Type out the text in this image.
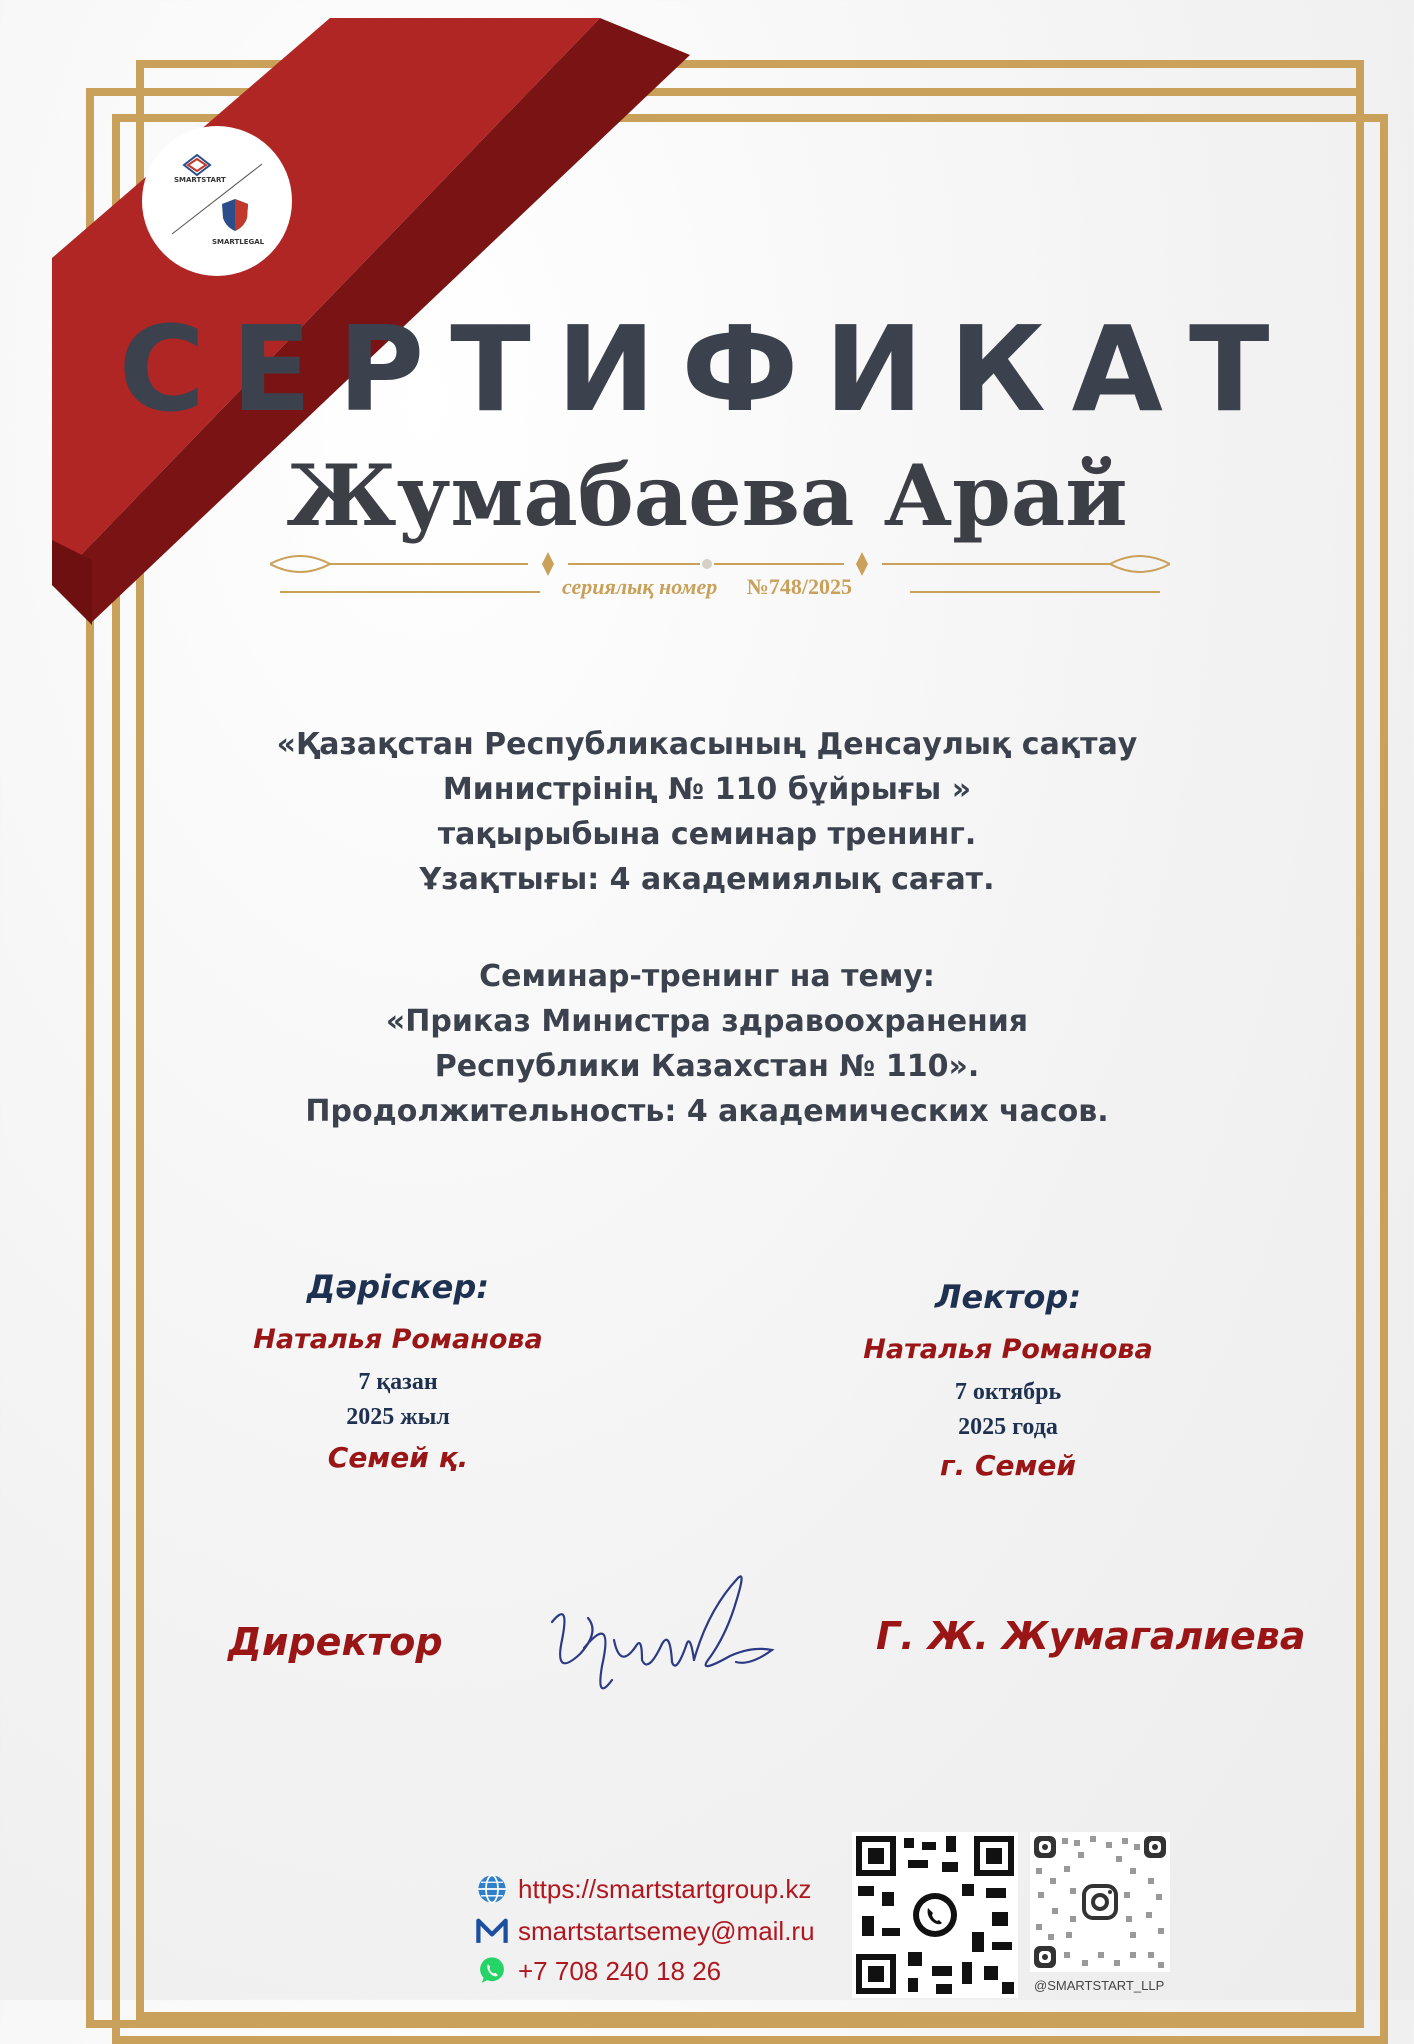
SMARTSTART
SMARTLEGAL
СЕРТИФИКАТ
Жумабаева Арай
сериялық номер №748/2025
«Қазақстан Республикасының Денсаулық сақтау
Министрінің № 110 бұйрығы »
тақырыбына семинар тренинг.
Ұзақтығы: 4 академиялық сағат.
Семинар-тренинг на тему:
«Приказ Министра здравоохранения
Республики Казахстан № 110».
Продолжительность: 4 академических часов.
Дәріскер:
Наталья Романова
7 қазан
2025 жыл
Семей қ.
Лектор:
Наталья Романова
7 октябрь
2025 года
г. Семей
Директор	Г. Ж. Жумагалиева
https://smartstartgroup.kz
smartstartsemey@mail.ru
+7 708 240 18 26	@SMARTSTART_LLP
